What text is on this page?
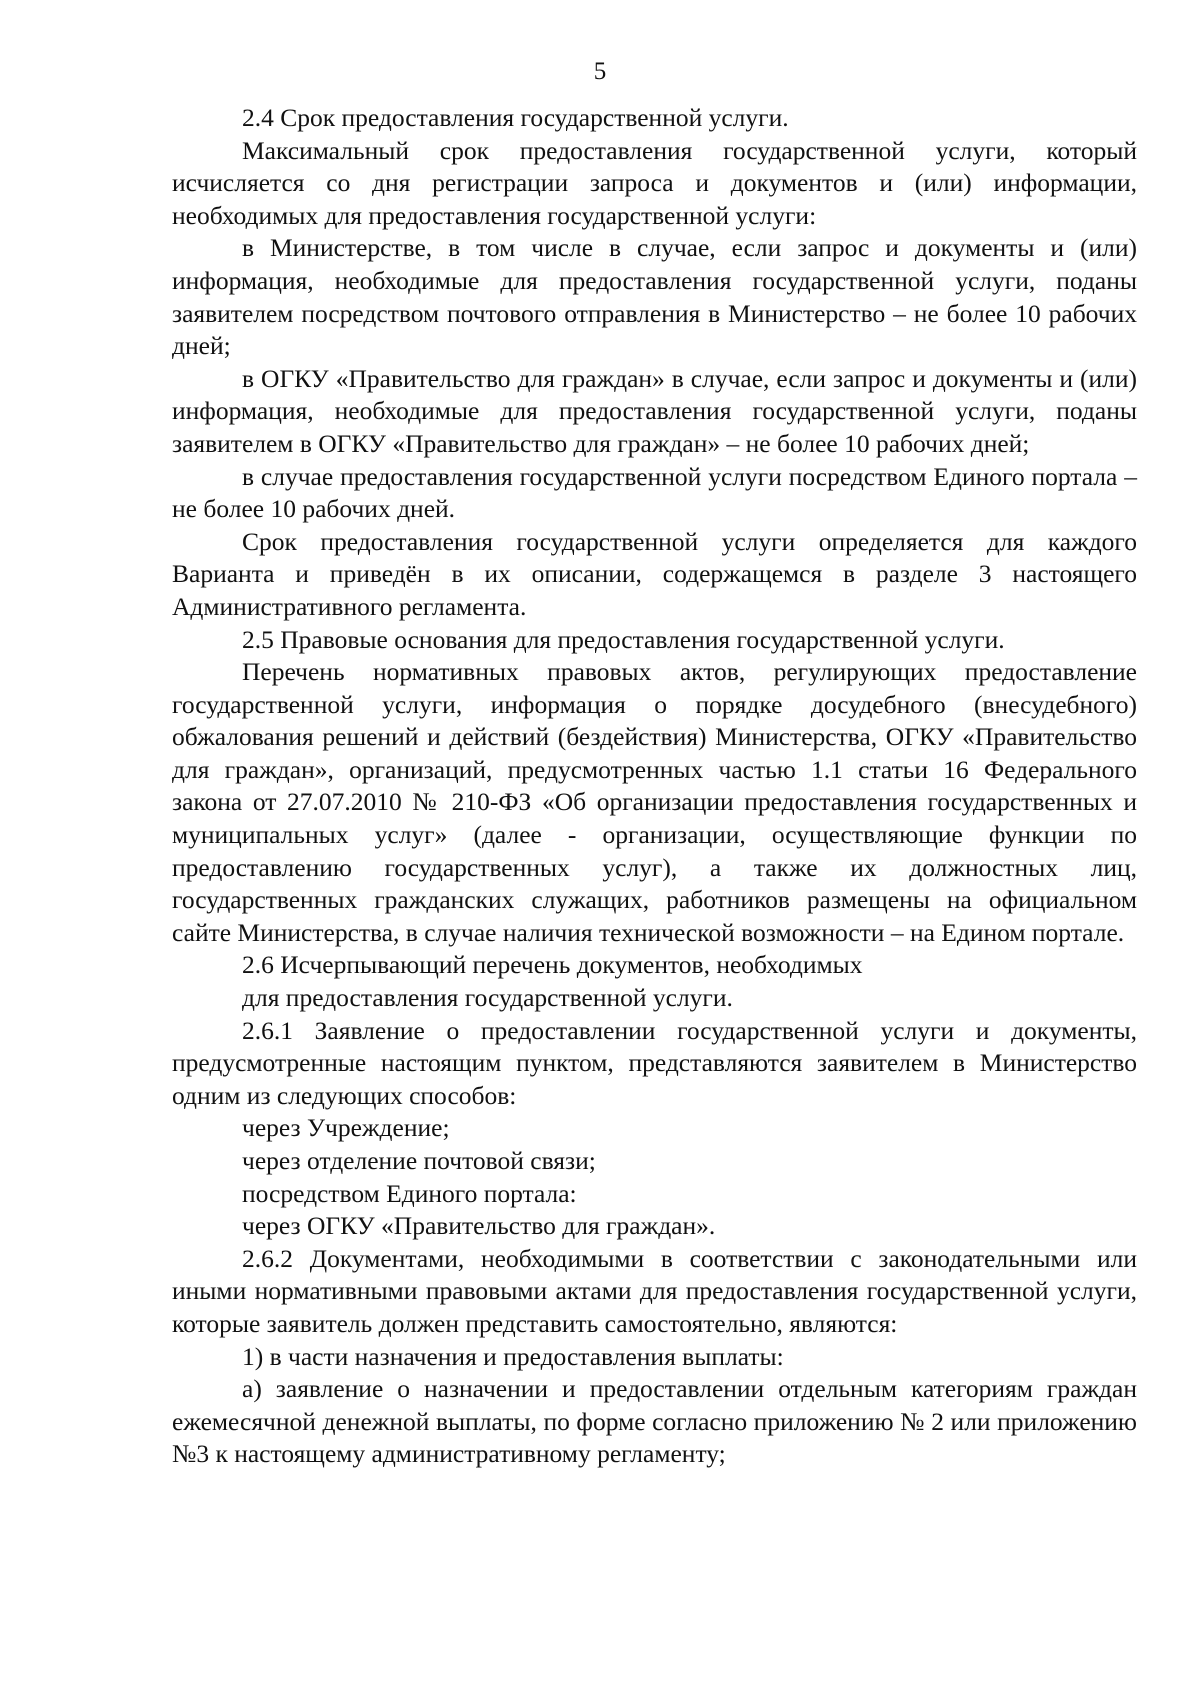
5

2.4 Срок предоставления государственной услуги.

Максимальный срок предоставления государственной услуги, который исчисляется со дня регистрации запроса и документов и (или) информации, необходимых для предоставления государственной услуги:

в Министерстве, в том числе в случае, если запрос и документы и (или) информация, необходимые для предоставления государственной услуги, поданы заявителем посредством почтового отправления в Министерство – не более 10 рабочих дней;

в ОГКУ «Правительство для граждан» в случае, если запрос и документы и (или) информация, необходимые для предоставления государственной услуги, поданы заявителем в ОГКУ «Правительство для граждан» – не более 10 рабочих дней;

в случае предоставления государственной услуги посредством Единого портала – не более 10 рабочих дней.

Срок предоставления государственной услуги определяется для каждого Варианта и приведён в их описании, содержащемся в разделе 3 настоящего Административного регламента.

2.5 Правовые основания для предоставления государственной услуги.

Перечень нормативных правовых актов, регулирующих предоставление государственной услуги, информация о порядке досудебного (внесудебного) обжалования решений и действий (бездействия) Министерства, ОГКУ «Правительство для граждан», организаций, предусмотренных частью 1.1 статьи 16 Федерального закона от 27.07.2010 № 210-ФЗ «Об организации предоставления государственных и муниципальных услуг» (далее - организации, осуществляющие функции по предоставлению государственных услуг), а также их должностных лиц, государственных гражданских служащих, работников размещены на официальном сайте Министерства, в случае наличия технической возможности – на Едином портале.

2.6 Исчерпывающий перечень документов, необходимых

для предоставления государственной услуги.

2.6.1 Заявление о предоставлении государственной услуги и документы, предусмотренные настоящим пунктом, представляются заявителем в Министерство одним из следующих способов:

через Учреждение;

через отделение почтовой связи;

посредством Единого портала:

через ОГКУ «Правительство для граждан».

2.6.2 Документами, необходимыми в соответствии с законодательными или иными нормативными правовыми актами для предоставления государственной услуги, которые заявитель должен представить самостоятельно, являются:

1) в части назначения и предоставления выплаты:

а) заявление о назначении и предоставлении отдельным категориям граждан ежемесячной денежной выплаты, по форме согласно приложению № 2 или приложению №3 к настоящему административному регламенту;
